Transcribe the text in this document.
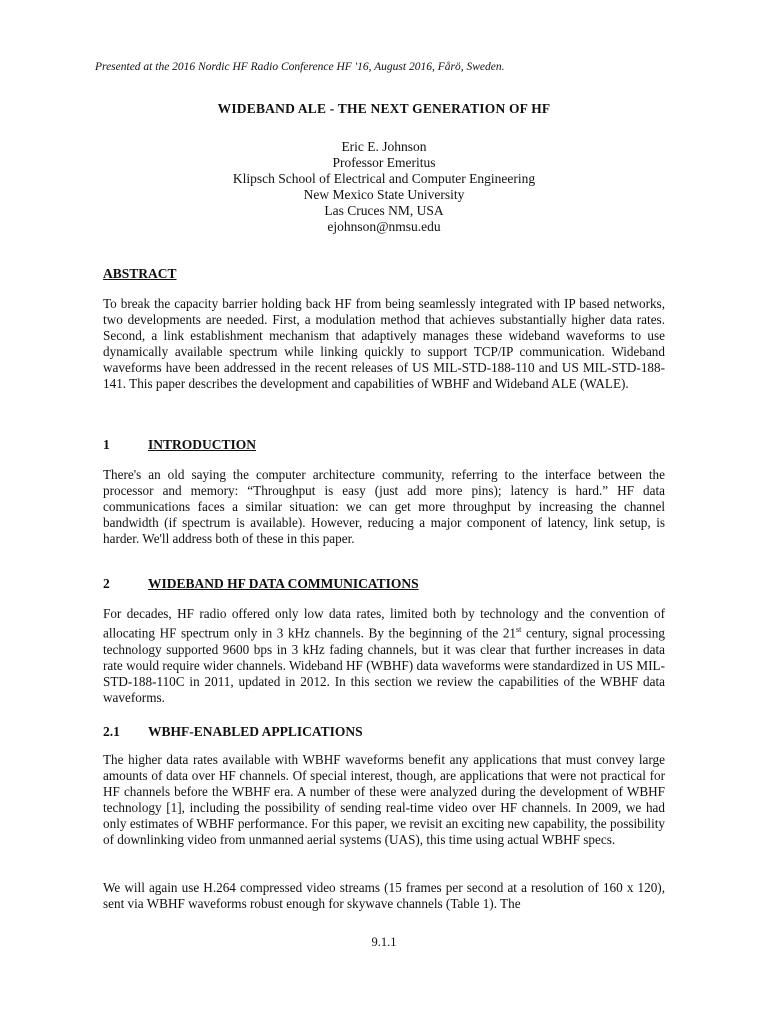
Presented at the 2016 Nordic HF Radio Conference HF '16, August 2016, Fårö, Sweden.
WIDEBAND ALE - THE NEXT GENERATION OF HF
Eric E. Johnson
Professor Emeritus
Klipsch School of Electrical and Computer Engineering
New Mexico State University
Las Cruces NM, USA
ejohnson@nmsu.edu
ABSTRACT
To break the capacity barrier holding back HF from being seamlessly integrated with IP based networks, two developments are needed. First, a modulation method that achieves substantially higher data rates. Second, a link establishment mechanism that adaptively manages these wideband waveforms to use dynamically available spectrum while linking quickly to support TCP/IP communication. Wideband waveforms have been addressed in the recent releases of US MIL-STD-188-110 and US MIL-STD-188-141. This paper describes the development and capabilities of WBHF and Wideband ALE (WALE).
1	INTRODUCTION
There's an old saying the computer architecture community, referring to the interface between the processor and memory: “Throughput is easy (just add more pins); latency is hard.” HF data communications faces a similar situation: we can get more throughput by increasing the channel bandwidth (if spectrum is available). However, reducing a major component of latency, link setup, is harder. We'll address both of these in this paper.
2	WIDEBAND HF DATA COMMUNICATIONS
For decades, HF radio offered only low data rates, limited both by technology and the convention of allocating HF spectrum only in 3 kHz channels. By the beginning of the 21st century, signal processing technology supported 9600 bps in 3 kHz fading channels, but it was clear that further increases in data rate would require wider channels. Wideband HF (WBHF) data waveforms were standardized in US MIL-STD-188-110C in 2011, updated in 2012. In this section we review the capabilities of the WBHF data waveforms.
2.1 WBHF-ENABLED APPLICATIONS
The higher data rates available with WBHF waveforms benefit any applications that must convey large amounts of data over HF channels. Of special interest, though, are applications that were not practical for HF channels before the WBHF era. A number of these were analyzed during the development of WBHF technology [1], including the possibility of sending real-time video over HF channels. In 2009, we had only estimates of WBHF performance. For this paper, we revisit an exciting new capability, the possibility of downlinking video from unmanned aerial systems (UAS), this time using actual WBHF specs.
We will again use H.264 compressed video streams (15 frames per second at a resolution of 160 x 120), sent via WBHF waveforms robust enough for skywave channels (Table 1). The
9.1.1
